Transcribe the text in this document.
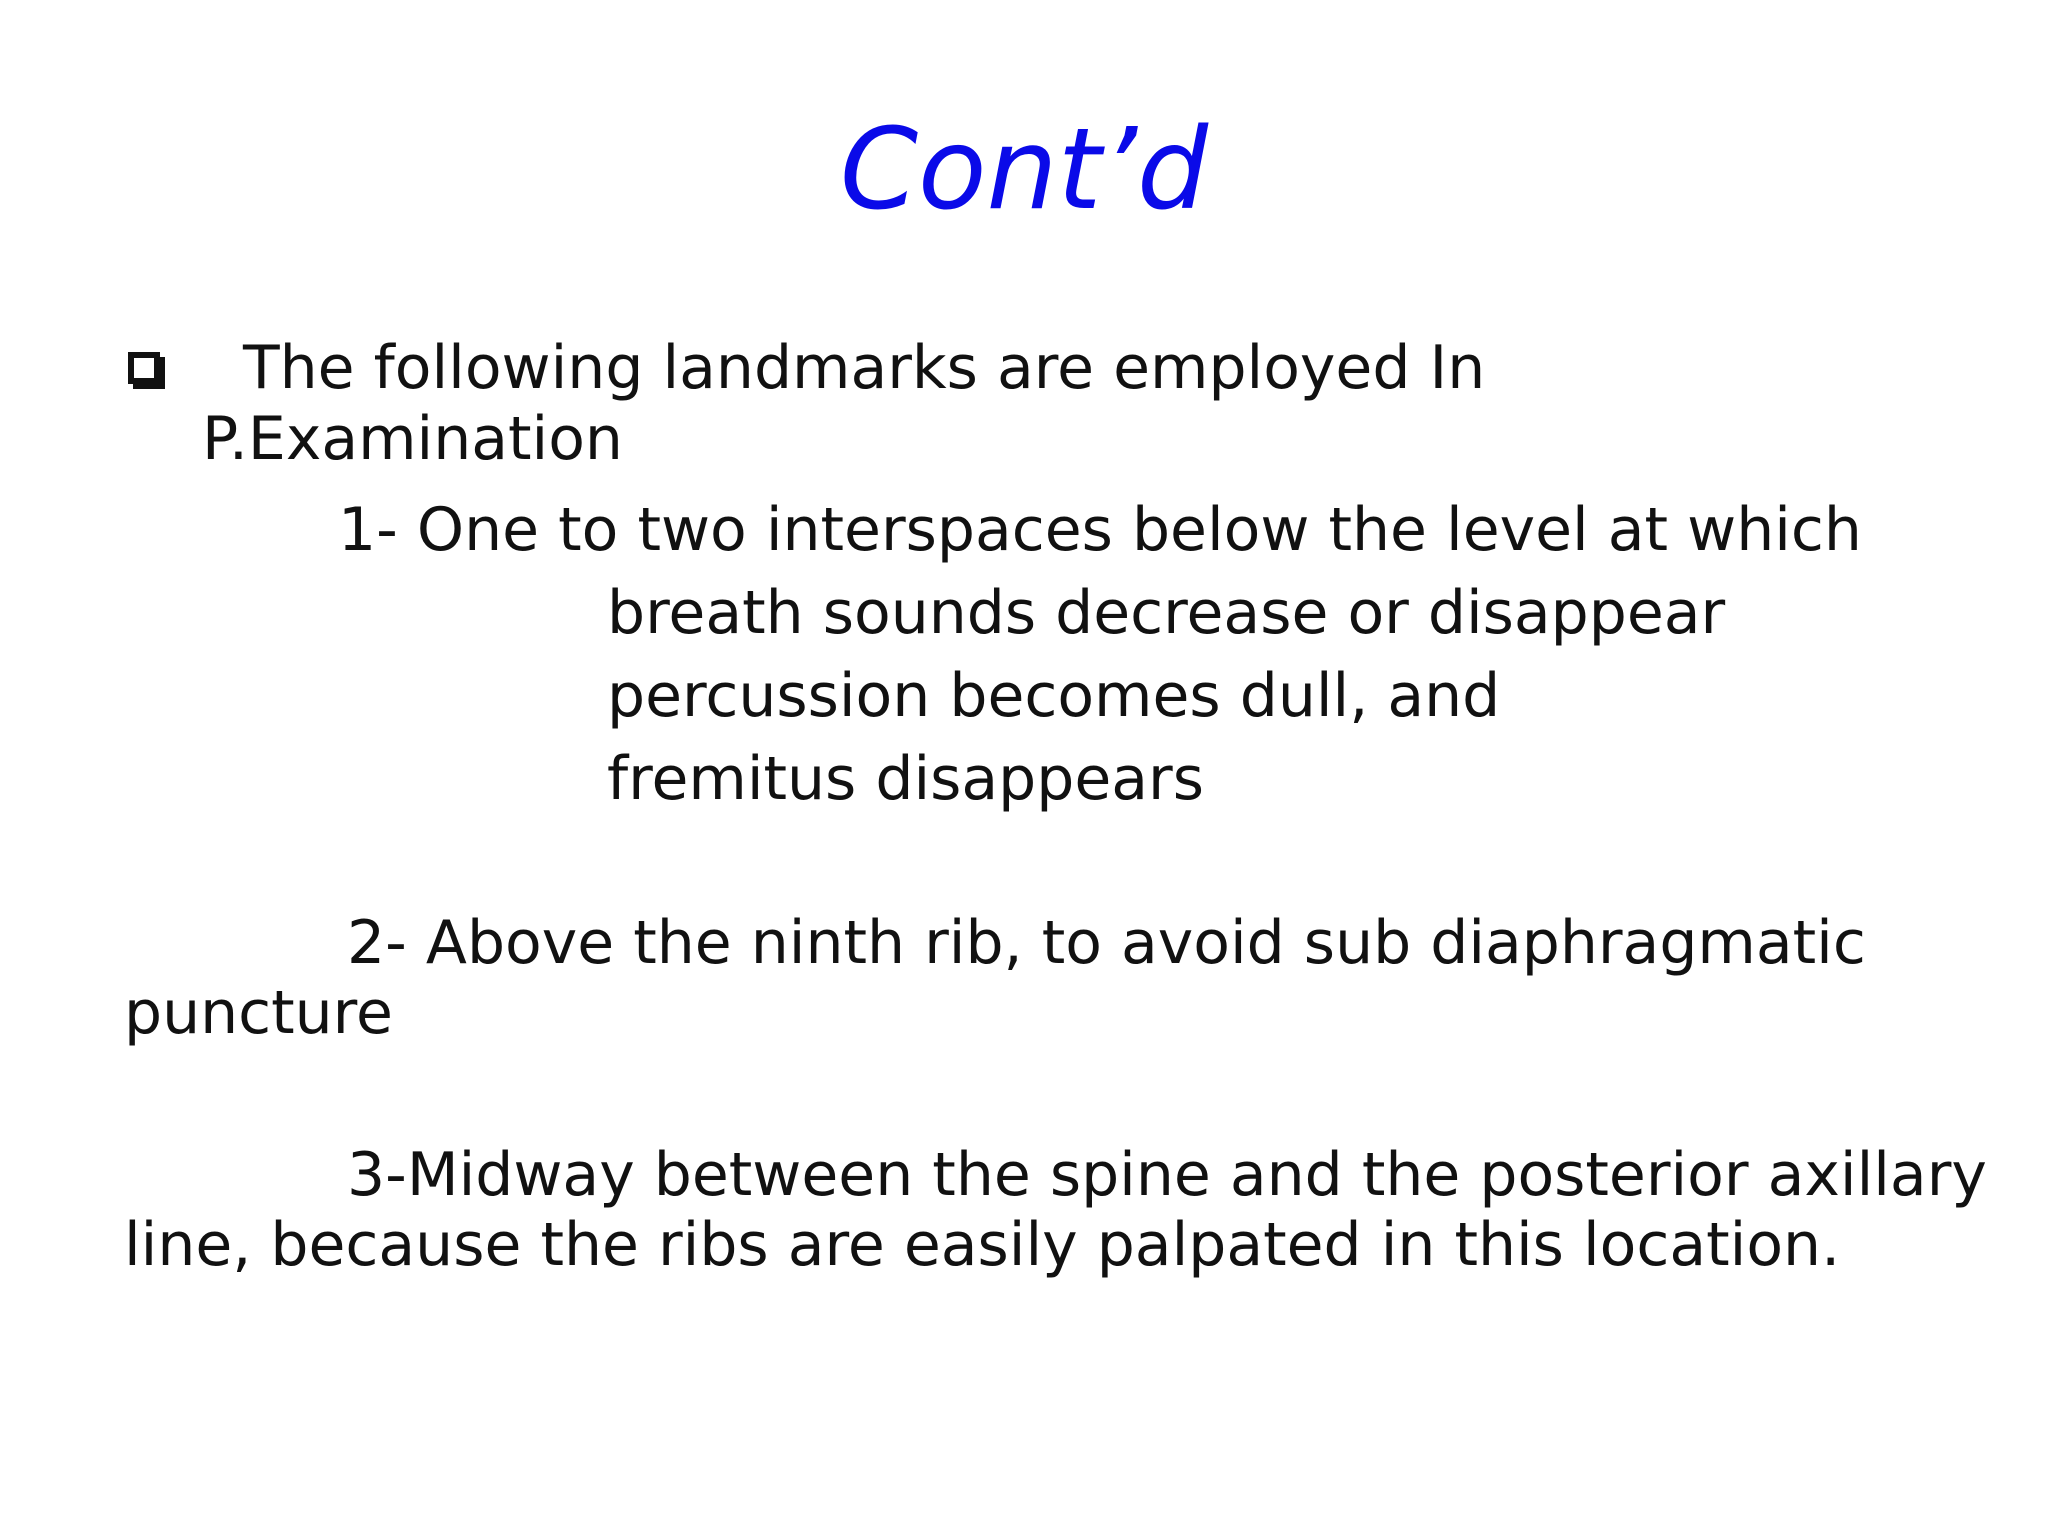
Cont’d
The following landmarks are employed In
P.Examination
1- One to two interspaces below the level at which
breath sounds decrease or disappear
percussion becomes dull, and
fremitus disappears
2- Above the ninth rib, to avoid sub diaphragmatic
puncture
3-Midway between the spine and the posterior axillary
line, because the ribs are easily palpated in this location.
